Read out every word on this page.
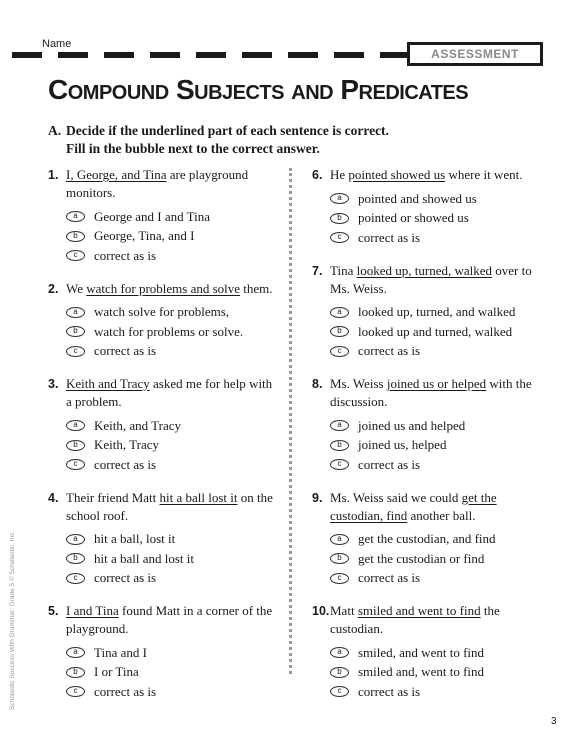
Name
ASSESSMENT
Compound Subjects and Predicates
A. Decide if the underlined part of each sentence is correct.
Fill in the bubble next to the correct answer.
1. I, George, and Tina are playground monitors.
a	George and I and Tina
b	George, Tina, and I
c	correct as is
2. We watch for problems and solve them.
a	watch solve for problems,
b	watch for problems or solve.
c	correct as is
3. Keith and Tracy asked me for help with a problem.
a	Keith, and Tracy
b	Keith, Tracy
c	correct as is
4. Their friend Matt hit a ball lost it on the school roof.
a	hit a ball, lost it
b	hit a ball and lost it
c	correct as is
5. I and Tina found Matt in a corner of the playground.
a	Tina and I
b	I or Tina
c	correct as is
6. He pointed showed us where it went.
a	pointed and showed us
b	pointed or showed us
c	correct as is
7. Tina looked up, turned, walked over to Ms. Weiss.
a	looked up, turned, and walked
b	looked up and turned, walked
c	correct as is
8. Ms. Weiss joined us or helped with the discussion.
a	joined us and helped
b	joined us, helped
c	correct as is
9. Ms. Weiss said we could get the custodian, find another ball.
a	get the custodian, and find
b	get the custodian or find
c	correct as is
10. Matt smiled and went to find the custodian.
a	smiled, and went to find
b	smiled and, went to find
c	correct as is
Scholastic Success With Grammar: Grade 5 © Scholastic, Inc.
3
